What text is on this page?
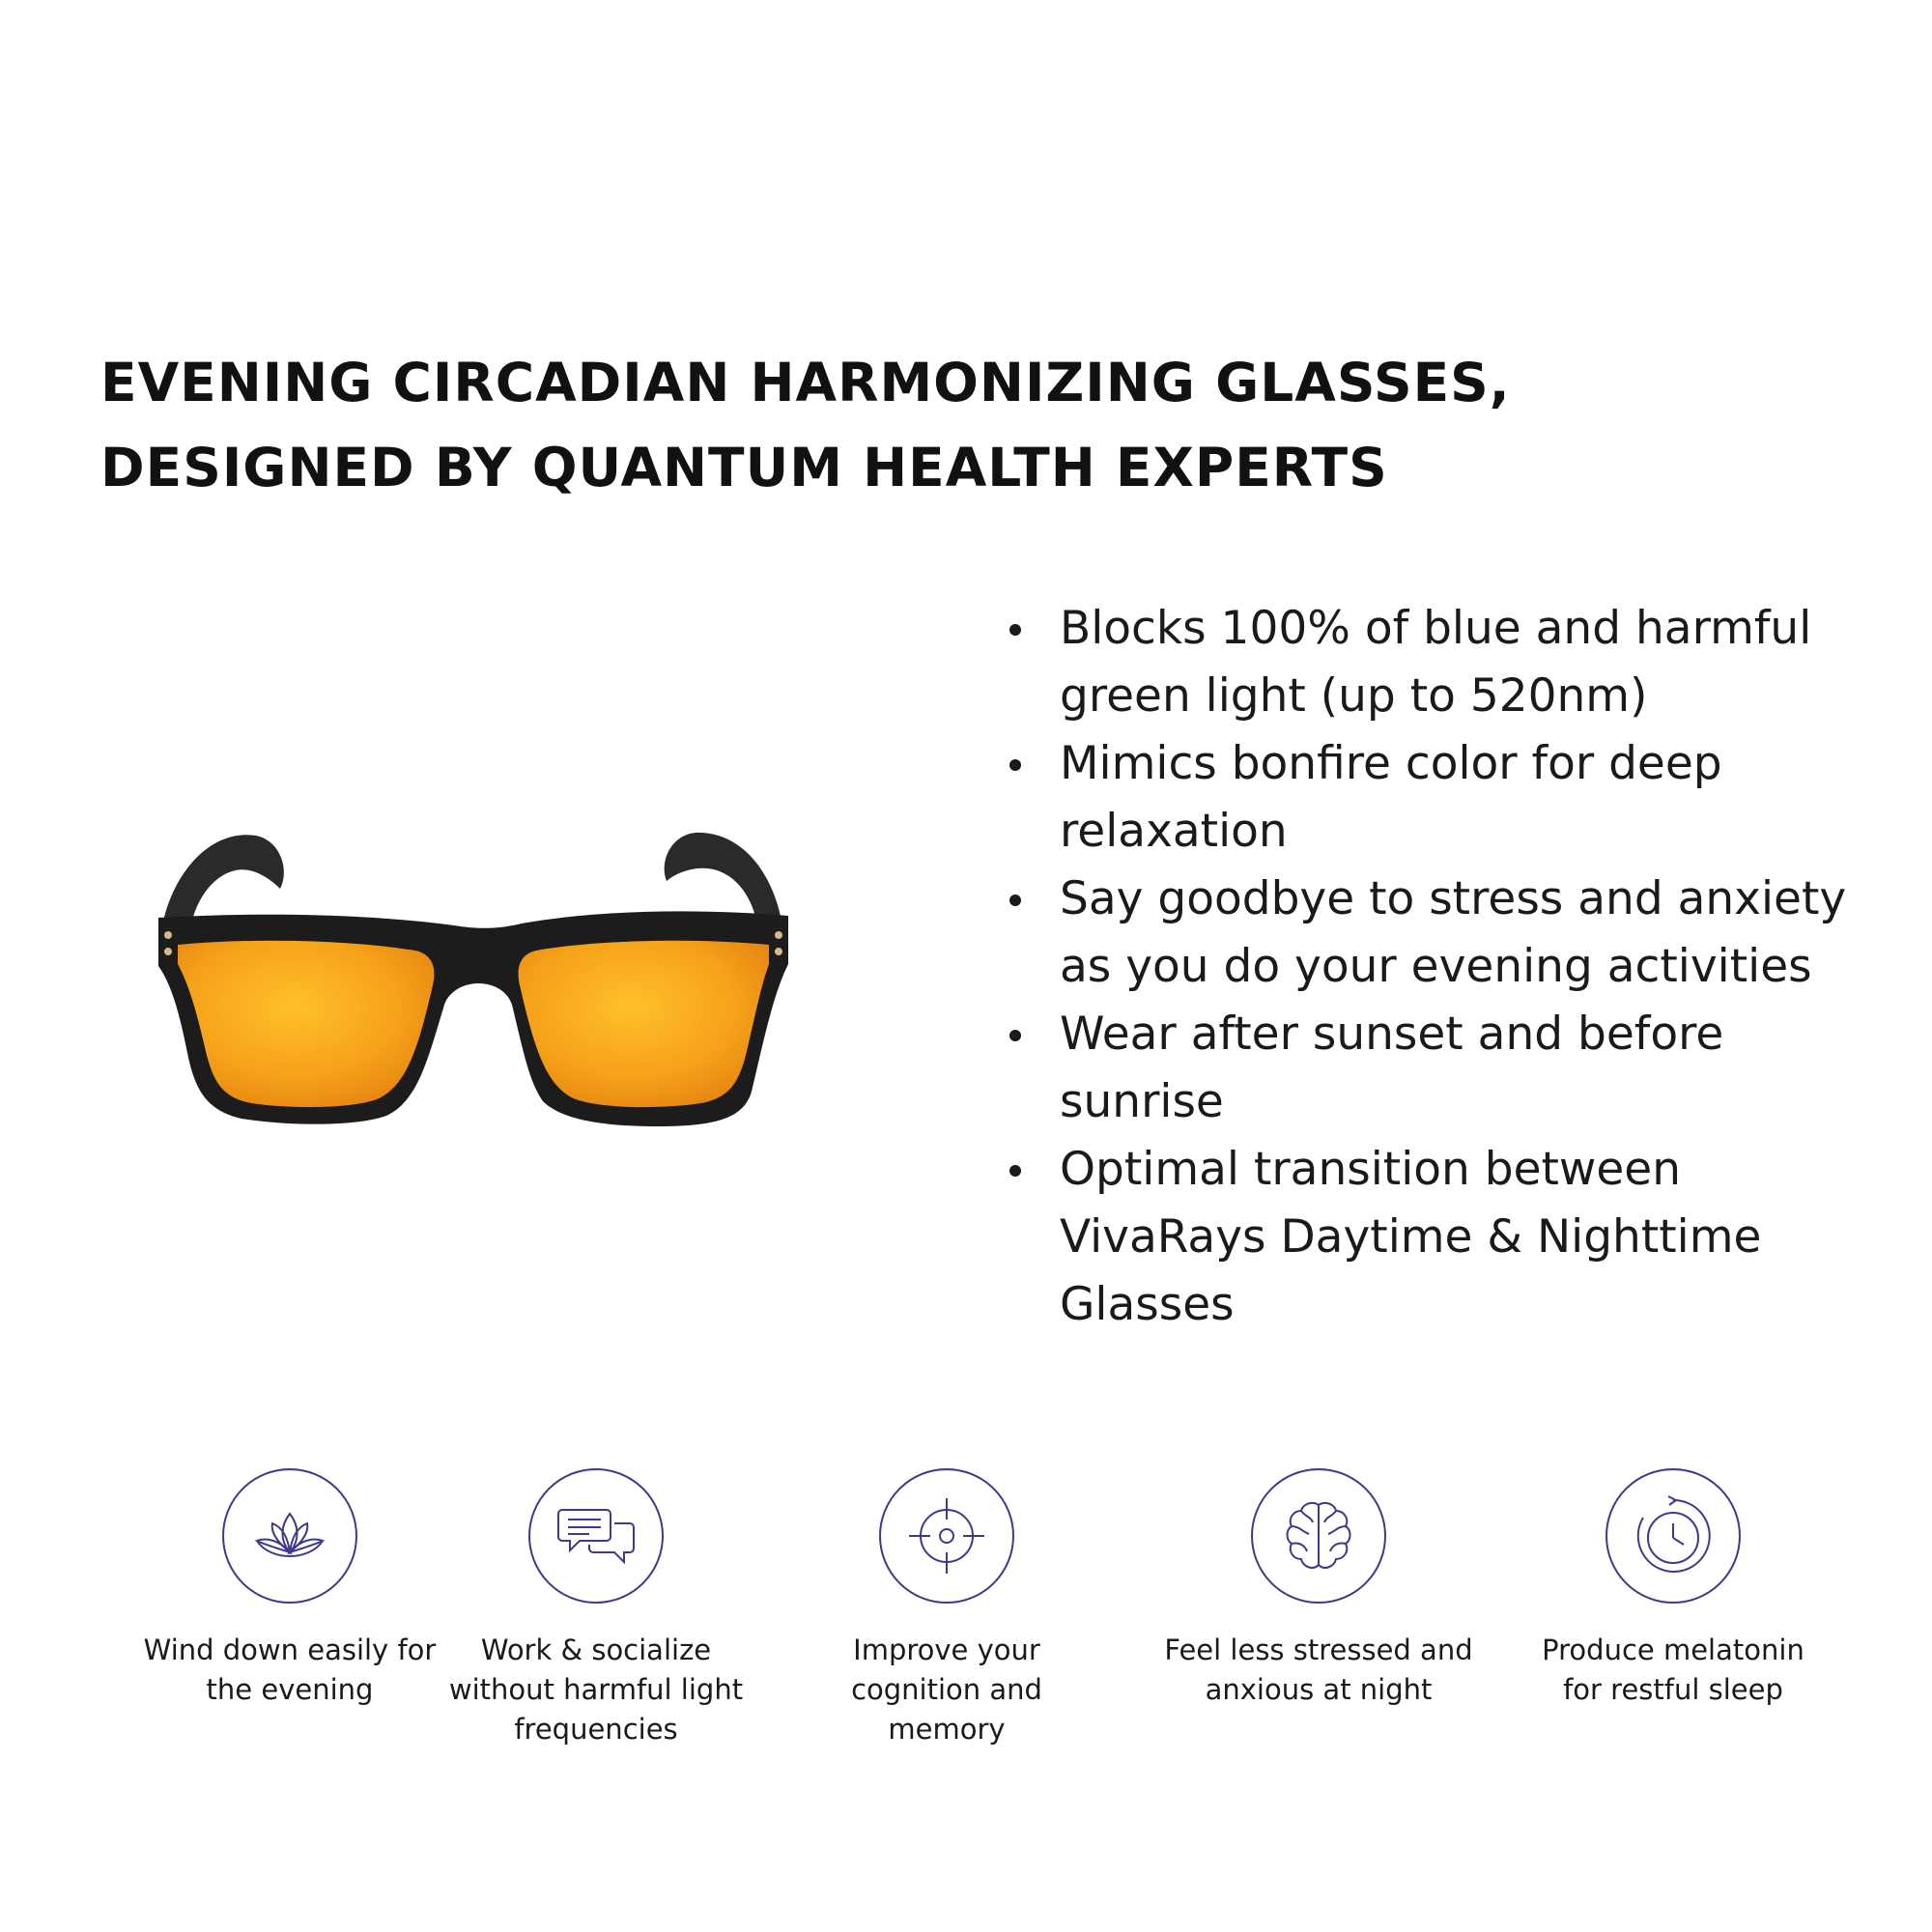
EVENING CIRCADIAN HARMONIZING GLASSES,
DESIGNED BY QUANTUM HEALTH EXPERTS
Blocks 100% of blue and harmful green light (up to 520nm)
Mimics bonfire color for deep relaxation
Say goodbye to stress and anxiety as you do your evening activities
Wear after sunset and before sunrise
Optimal transition between VivaRays Daytime & Nighttime Glasses
Wind down easily for the evening
Work & socialize without harmful light frequencies
Improve your cognition and memory
Feel less stressed and anxious at night
Produce melatonin for restful sleep
